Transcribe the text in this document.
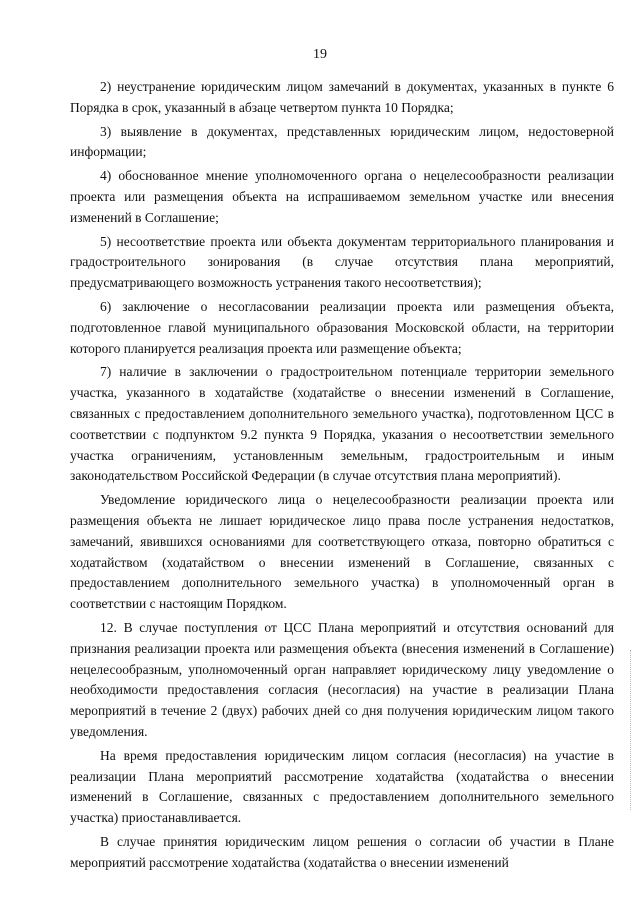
19

2) неустранение юридическим лицом замечаний в документах, указанных в пункте 6 Порядка в срок, указанный в абзаце четвертом пункта 10 Порядка;

3) выявление в документах, представленных юридическим лицом, недостоверной информации;

4) обоснованное мнение уполномоченного органа о нецелесообразности реализации проекта или размещения объекта на испрашиваемом земельном участке или внесения изменений в Соглашение;

5) несоответствие проекта или объекта документам территориального планирования и градостроительного зонирования (в случае отсутствия плана мероприятий, предусматривающего возможность устранения такого несоответствия);

6) заключение о несогласовании реализации проекта или размещения объекта, подготовленное главой муниципального образования Московской области, на территории которого планируется реализация проекта или размещение объекта;

7) наличие в заключении о градостроительном потенциале территории земельного участка, указанного в ходатайстве (ходатайстве о внесении изменений в Соглашение, связанных с предоставлением дополнительного земельного участка), подготовленном ЦСС в соответствии с подпунктом 9.2 пункта 9 Порядка, указания о несоответствии земельного участка ограничениям, установленным земельным, градостроительным и иным законодательством Российской Федерации (в случае отсутствия плана мероприятий).

Уведомление юридического лица о нецелесообразности реализации проекта или размещения объекта не лишает юридическое лицо права после устранения недостатков, замечаний, явившихся основаниями для соответствующего отказа, повторно обратиться с ходатайством (ходатайством о внесении изменений в Соглашение, связанных с предоставлением дополнительного земельного участка) в уполномоченный орган в соответствии с настоящим Порядком.

12. В случае поступления от ЦСС Плана мероприятий и отсутствия оснований для признания реализации проекта или размещения объекта (внесения изменений в Соглашение) нецелесообразным, уполномоченный орган направляет юридическому лицу уведомление о необходимости предоставления согласия (несогласия) на участие в реализации Плана мероприятий в течение 2 (двух) рабочих дней со дня получения юридическим лицом такого уведомления.

На время предоставления юридическим лицом согласия (несогласия) на участие в реализации Плана мероприятий рассмотрение ходатайства (ходатайства о внесении изменений в Соглашение, связанных с предоставлением дополнительного земельного участка) приостанавливается.

В случае принятия юридическим лицом решения о согласии об участии в Плане мероприятий рассмотрение ходатайства (ходатайства о внесении изменений
